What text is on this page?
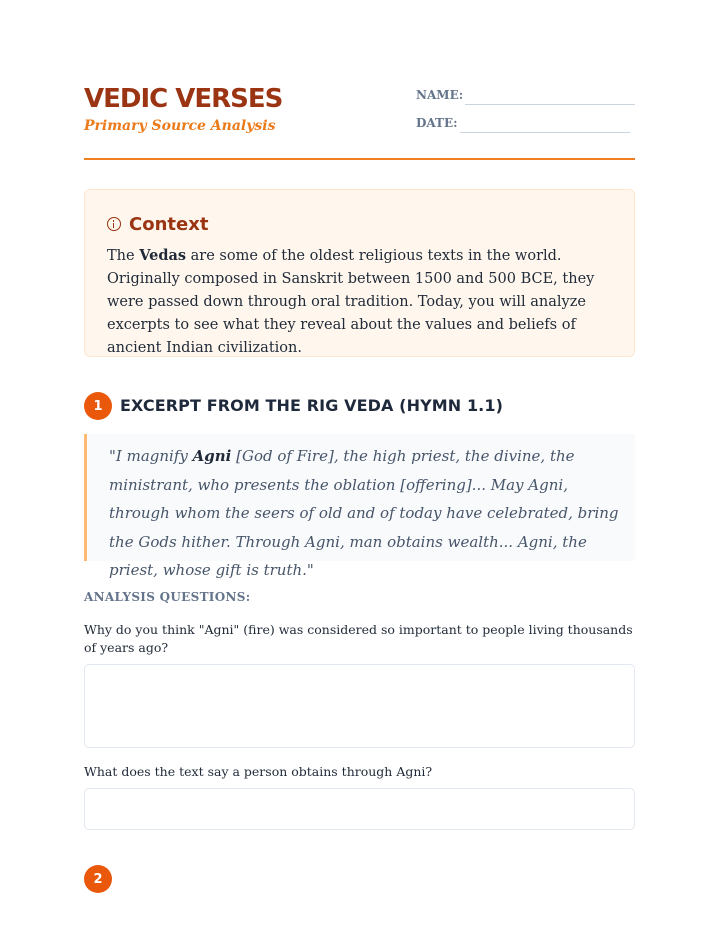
VEDIC VERSES
Primary Source Analysis
NAME:
DATE:
Context
The Vedas are some of the oldest religious texts in the world. Originally composed in Sanskrit between 1500 and 500 BCE, they were passed down through oral tradition. Today, you will analyze excerpts to see what they reveal about the values and beliefs of ancient Indian civilization.
1	EXCERPT FROM THE RIG VEDA (HYMN 1.1)
"I magnify Agni [God of Fire], the high priest, the divine, the ministrant, who presents the oblation [offering]... May Agni, through whom the seers of old and of today have celebrated, bring the Gods hither. Through Agni, man obtains wealth... Agni, the priest, whose gift is truth."
ANALYSIS QUESTIONS:
Why do you think "Agni" (fire) was considered so important to people living thousands of years ago?
What does the text say a person obtains through Agni?
2
